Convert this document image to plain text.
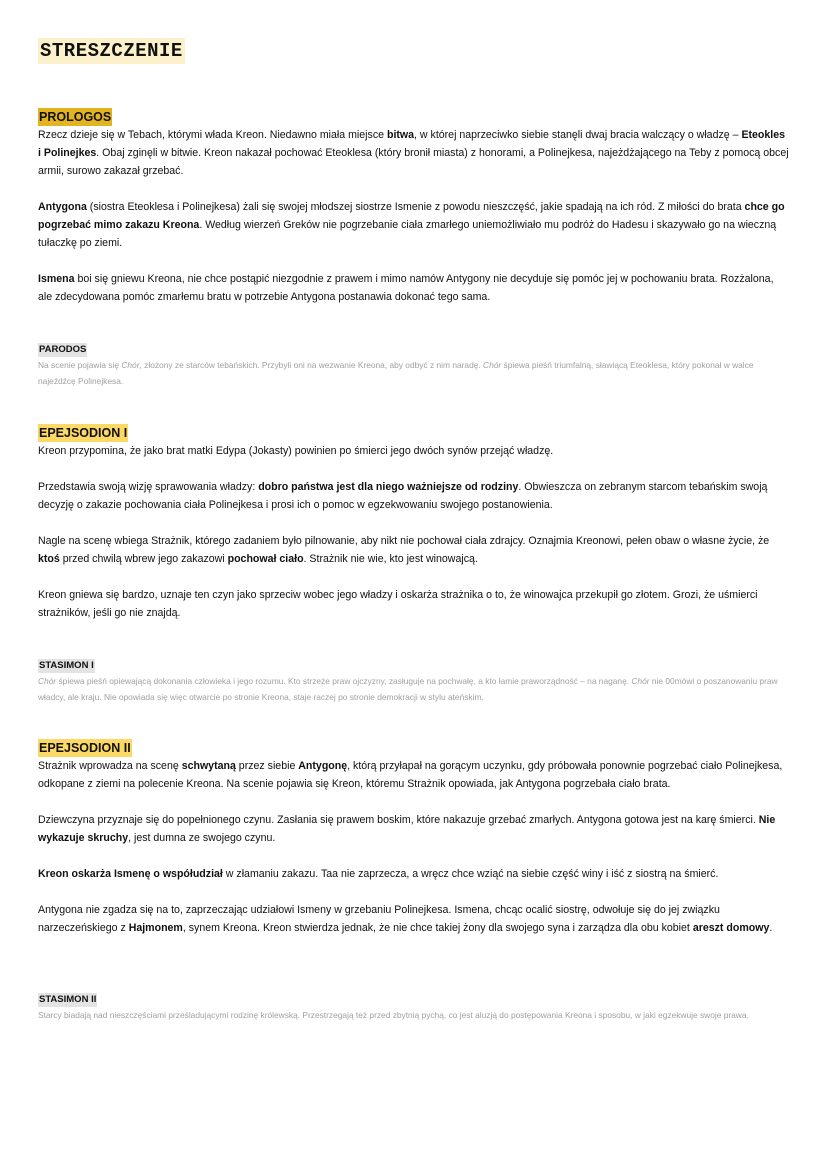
STRESZCZENIE
PROLOGOS

Rzecz dzieje się w Tebach, którymi włada Kreon. Niedawno miała miejsce bitwa, w której naprzeciwko siebie stanęli dwaj bracia walczący o władzę – Eteokles i Polinejkes. Obaj zginęli w bitwie. Kreon nakazał pochować Eteoklesa (który bronił miasta) z honorami, a Polinejkesa, najeżdżającego na Teby z pomocą obcej armii, surowo zakazał grzebać.

Antygona (siostra Eteoklesa i Polinejkesa) żali się swojej młodszej siostrze Ismenie z powodu nieszczęść, jakie spadają na ich ród. Z miłości do brata chce go pogrzebać mimo zakazu Kreona. Według wierzeń Greków nie pogrzebanie ciała zmarłego uniemożliwiało mu podróż do Hadesu i skazywało go na wieczną tułaczkę po ziemi.

Ismena boi się gniewu Kreona, nie chce postąpić niezgodnie z prawem i mimo namów Antygony nie decyduje się pomóc jej w pochowaniu brata. Rozżalona, ale zdecydowana pomóc zmarłemu bratu w potrzebie Antygona postanawia dokonać tego sama.

PARODOS

Na scenie pojawia się Chór, złożony ze starców tebańskich. Przybyli oni na wezwanie Kreona, aby odbyć z nim naradę. Chór śpiewa pieśń triumfalną, sławiącą Eteoklesa, który pokonał w walce najeźdźcę Polinejkesa.

EPEJSODION I

Kreon przypomina, że jako brat matki Edypa (Jokasty) powinien po śmierci jego dwóch synów przejąć władzę.

Przedstawia swoją wizję sprawowania władzy: dobro państwa jest dla niego ważniejsze od rodziny. Obwieszcza on zebranym starcom tebańskim swoją decyzję o zakazie pochowania ciała Polinejkesa i prosi ich o pomoc w egzekwowaniu swojego postanowienia.

Nagle na scenę wbiega Strażnik, którego zadaniem było pilnowanie, aby nikt nie pochował ciała zdrajcy. Oznajmia Kreonowi, pełen obaw o własne życie, że ktoś przed chwilą wbrew jego zakazowi pochował ciało. Strażnik nie wie, kto jest winowajcą.

Kreon gniewa się bardzo, uznaje ten czyn jako sprzeciw wobec jego władzy i oskarża strażnika o to, że winowajca przekupił go złotem. Grozi, że uśmierci strażników, jeśli go nie znajdą.

STASIMON I

Chór śpiewa pieśń opiewającą dokonania człowieka i jego rozumu. Kto strzeże praw ojczyzny, zasługuje na pochwałę, a kto łamie praworządność – na naganę. Chór nie 00mówi o poszanowaniu praw władcy, ale kraju. Nie opowiada się więc otwarcie po stronie Kreona, staje raczej po stronie demokracji w stylu ateńskim.

EPEJSODION II

Strażnik wprowadza na scenę schwytaną przez siebie Antygonę, którą przyłapał na gorącym uczynku, gdy próbowała ponownie pogrzebać ciało Polinejkesa, odkopane z ziemi na polecenie Kreona. Na scenie pojawia się Kreon, któremu Strażnik opowiada, jak Antygona pogrzebała ciało brata.

Dziewczyna przyznaje się do popełnionego czynu. Zasłania się prawem boskim, które nakazuje grzebać zmarłych. Antygona gotowa jest na karę śmierci. Nie wykazuje skruchy, jest dumna ze swojego czynu.

Kreon oskarża Ismenę o współudział w złamaniu zakazu. Taa nie zaprzecza, a wręcz chce wziąć na siebie część winy i iść z siostrą na śmierć.

Antygona nie zgadza się na to, zaprzeczając udziałowi Ismeny w grzebaniu Polinejkesa. Ismena, chcąc ocalić siostrę, odwołuje się do jej związku narzeczeńskiego z Hajmonem, synem Kreona. Kreon stwierdza jednak, że nie chce takiej żony dla swojego syna i zarządza dla obu kobiet areszt domowy.

STASIMON II

Starcy biadają nad nieszczęściami prześladującymi rodzinę królewską. Przestrzegają też przed zbytnią pychą, co jest aluzją do postępowania Kreona i sposobu, w jaki egzekwuje swoje prawa.
